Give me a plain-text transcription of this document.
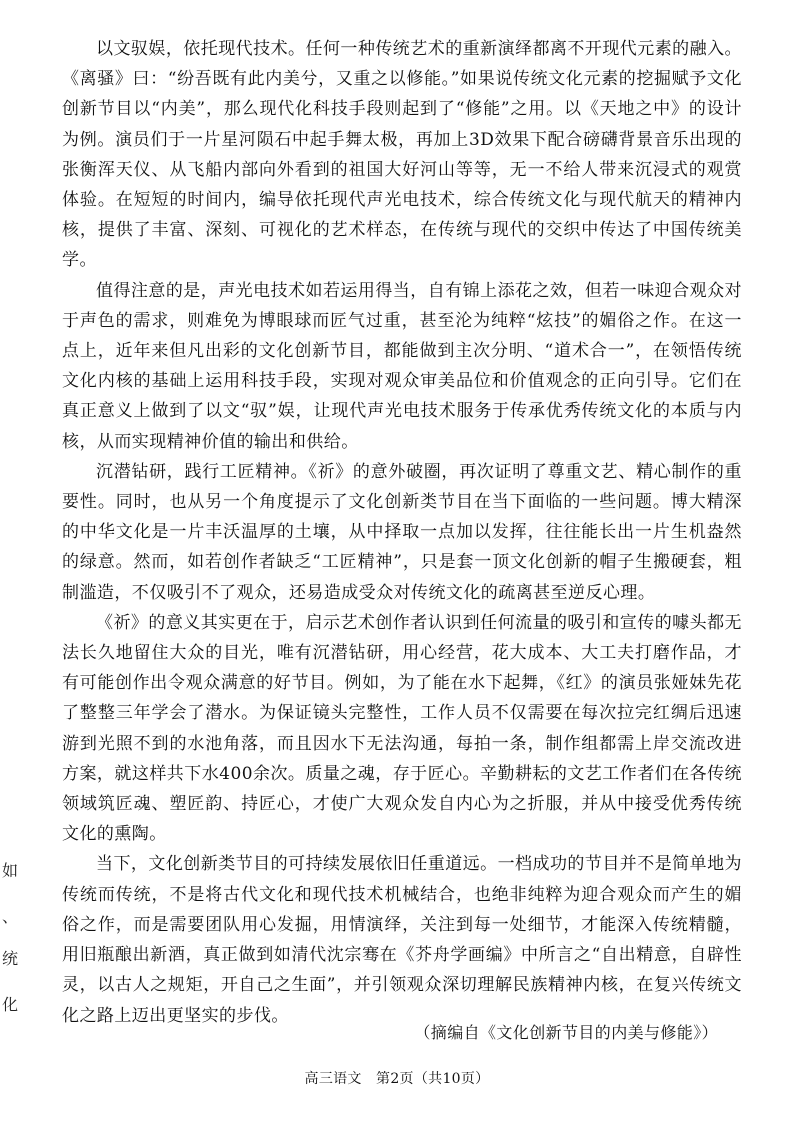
以文驭娱，依托现代技术。任何一种传统艺术的重新演绎都离不开现代元素的融入。《离骚》曰：“纷吾既有此内美兮，又重之以修能。”如果说传统文化元素的挖掘赋予文化创新节目以“内美”，那么现代化科技手段则起到了“修能”之用。以《天地之中》的设计为例。演员们于一片星河陨石中起手舞太极，再加上3D效果下配合磅礴背景音乐出现的张衡浑天仪、从飞船内部向外看到的祖国大好河山等等，无一不给人带来沉浸式的观赏体验。在短短的时间内，编导依托现代声光电技术，综合传统文化与现代航天的精神内核，提供了丰富、深刻、可视化的艺术样态，在传统与现代的交织中传达了中国传统美学。

值得注意的是，声光电技术如若运用得当，自有锦上添花之效，但若一味迎合观众对于声色的需求，则难免为博眼球而匠气过重，甚至沦为纯粹“炫技”的媚俗之作。在这一点上，近年来但凡出彩的文化创新节目，都能做到主次分明、“道术合一”，在领悟传统文化内核的基础上运用科技手段，实现对观众审美品位和价值观念的正向引导。它们在真正意义上做到了以文“驭”娱，让现代声光电技术服务于传承优秀传统文化的本质与内核，从而实现精神价值的输出和供给。

沉潜钻研，践行工匠精神。《祈》的意外破圈，再次证明了尊重文艺、精心制作的重要性。同时，也从另一个角度提示了文化创新类节目在当下面临的一些问题。博大精深的中华文化是一片丰沃温厚的土壤，从中择取一点加以发挥，往往能长出一片生机盎然的绿意。然而，如若创作者缺乏“工匠精神”，只是套一顶文化创新的帽子生搬硬套，粗制滥造，不仅吸引不了观众，还易造成受众对传统文化的疏离甚至逆反心理。

《祈》的意义其实更在于，启示艺术创作者认识到任何流量的吸引和宣传的噱头都无法长久地留住大众的目光，唯有沉潜钻研，用心经营，花大成本、大工夫打磨作品，才有可能创作出令观众满意的好节目。例如，为了能在水下起舞，《红》的演员张娅妹先花了整整三年学会了潜水。为保证镜头完整性，工作人员不仅需要在每次拉完红绸后迅速游到光照不到的水池角落，而且因水下无法沟通，每拍一条，制作组都需上岸交流改进方案，就这样共下水400余次。质量之魂，存于匠心。辛勤耕耘的文艺工作者们在各传统领域筑匠魂、塑匠韵、持匠心，才使广大观众发自内心为之折服，并从中接受优秀传统文化的熏陶。

当下，文化创新类节目的可持续发展依旧任重道远。一档成功的节目并不是简单地为传统而传统，不是将古代文化和现代技术机械结合，也绝非纯粹为迎合观众而产生的媚俗之作，而是需要团队用心发掘，用情演绎，关注到每一处细节，才能深入传统精髓，用旧瓶酿出新酒，真正做到如清代沈宗骞在《芥舟学画编》中所言之“自出精意，自辟性灵，以古人之规矩，开自己之生面”，并引领观众深切理解民族精神内核，在复兴传统文化之路上迈出更坚实的步伐。

（摘编自《文化创新节目的内美与修能》）
高三语文　第2页（共10页）
如
、
统
化
